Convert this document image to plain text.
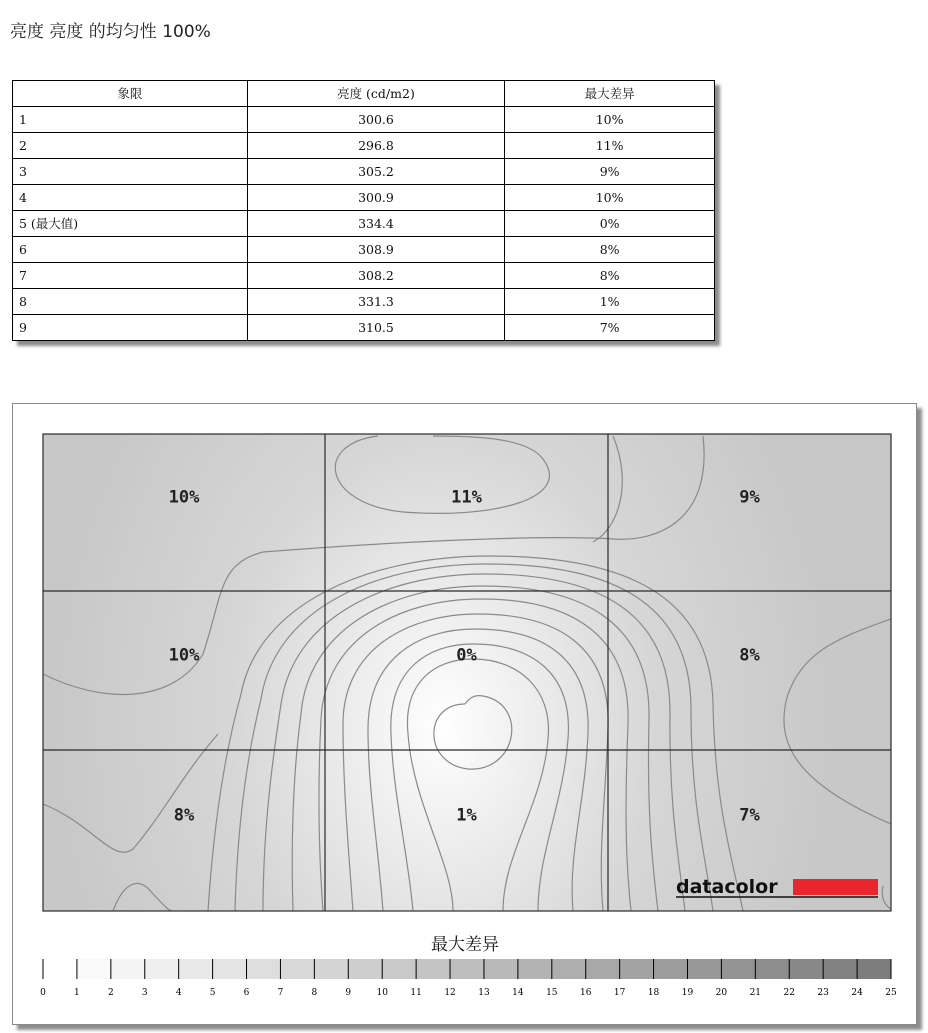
亮度 亮度 的均匀性 100%
象限	亮度 (cd/m2)	最大差异
1	300.6	10%
2	296.8	11%
3	305.2	9%
4	300.9	10%
5 (最大值)	334.4	0%
6	308.9	8%
7	308.2	8%
8	331.3	1%
9	310.5	7%
10%	11%	9%
10%	0%	8%
8%	1%	7%
datacolor
最大差异
0	1	2	3	4	5	6	7	8	9	10 11 12 13 14 15 16 17 18 19 20 21 22 23 24 25
